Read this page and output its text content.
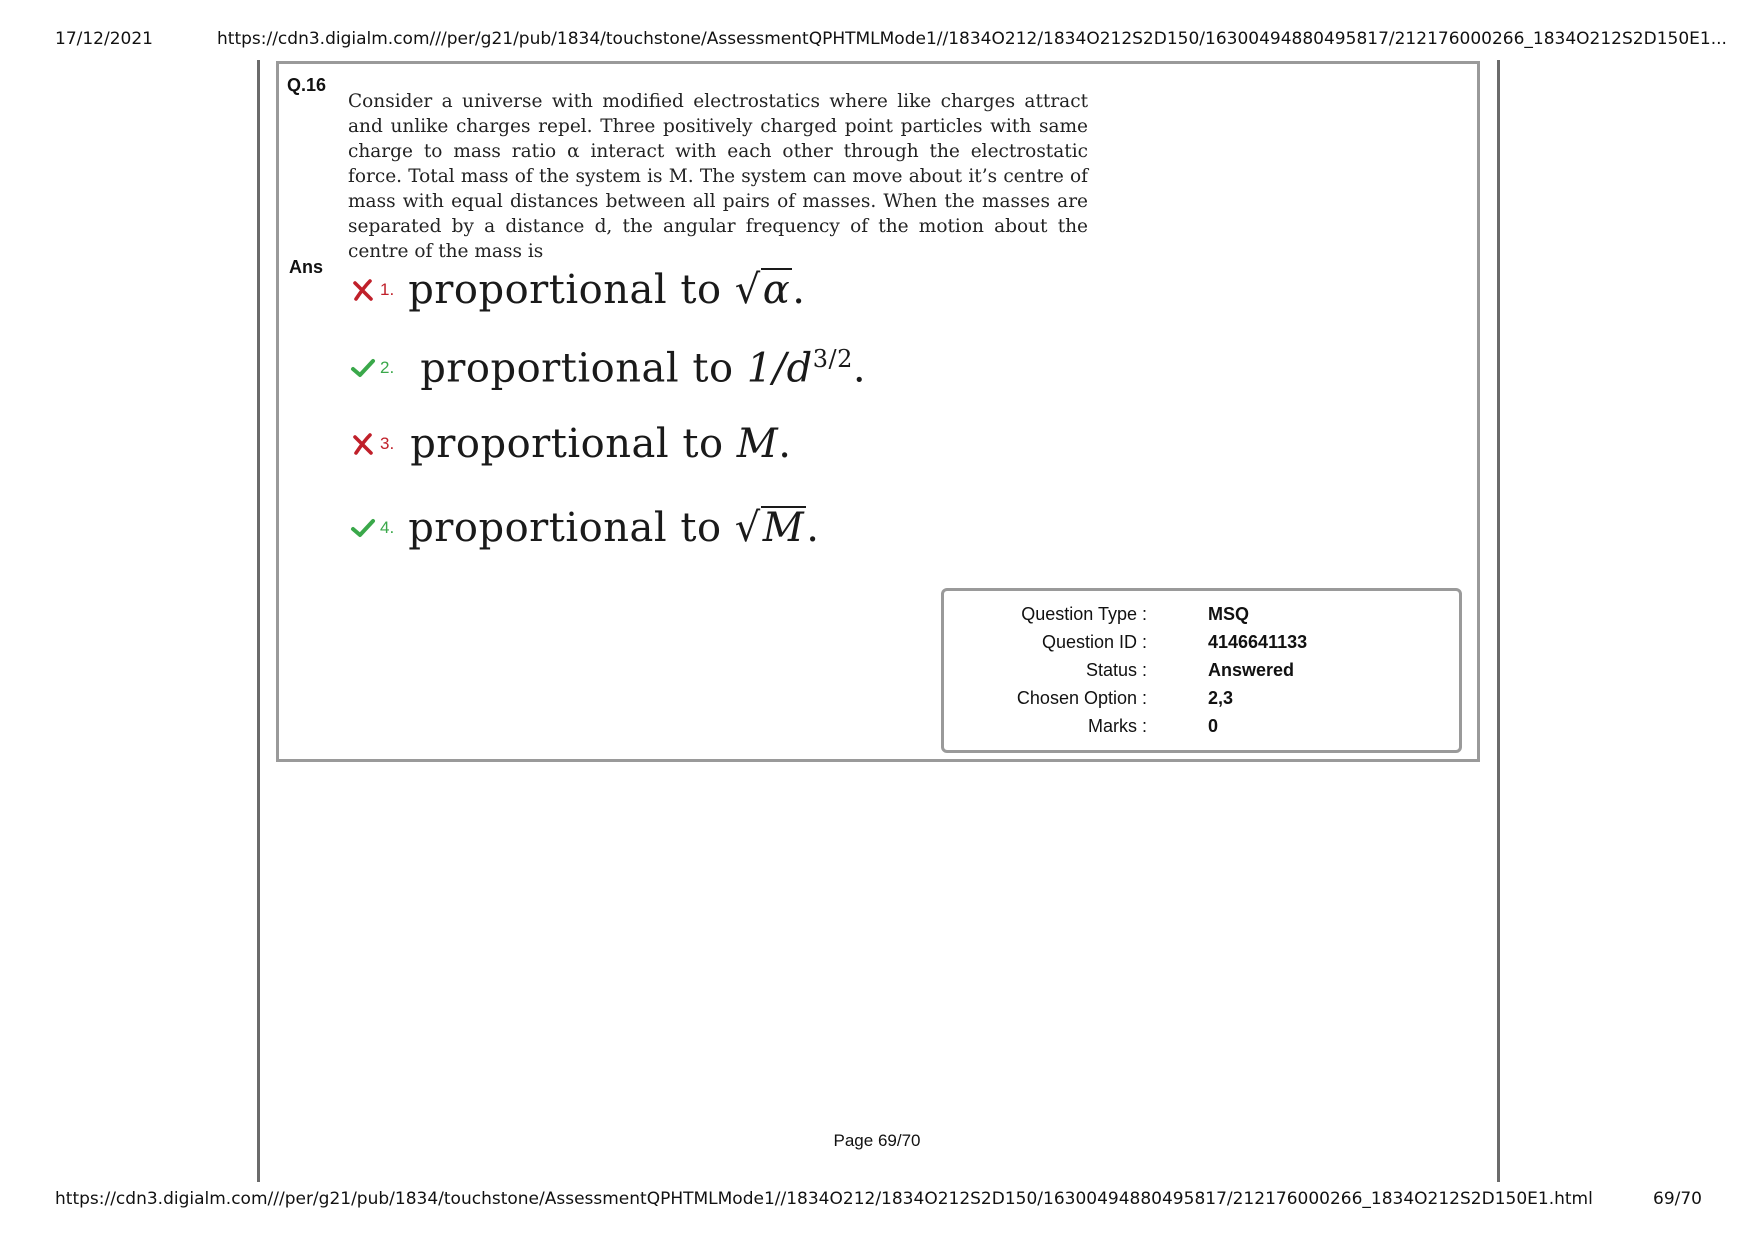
17/12/2021	https://cdn3.digialm.com///per/g21/pub/1834/touchstone/AssessmentQPHTMLMode1//1834O212/1834O212S2D150/16300494880495817/212176000266_1834O212S2D150E1...
Q.16
Consider a universe with modified electrostatics where like charges attract and unlike charges repel. Three positively charged point particles with same charge to mass ratio α interact with each other through the electrostatic force. Total mass of the system is M. The system can move about it’s centre of mass with equal distances between all pairs of masses. When the masses are separated by a distance d, the angular frequency of the motion about the centre of the mass is
Ans
1. proportional to √α.
2. proportional to $1/d^{3/2}$.
3. proportional to M.
4. proportional to √M.
Question Type :	MSQ
Question ID :	4146641133
Status :	Answered
Chosen Option :	2,3
Marks :	0
Page 69/70
https://cdn3.digialm.com///per/g21/pub/1834/touchstone/AssessmentQPHTMLMode1//1834O212/1834O212S2D150/16300494880495817/212176000266_1834O212S2D150E1.html	69/70
